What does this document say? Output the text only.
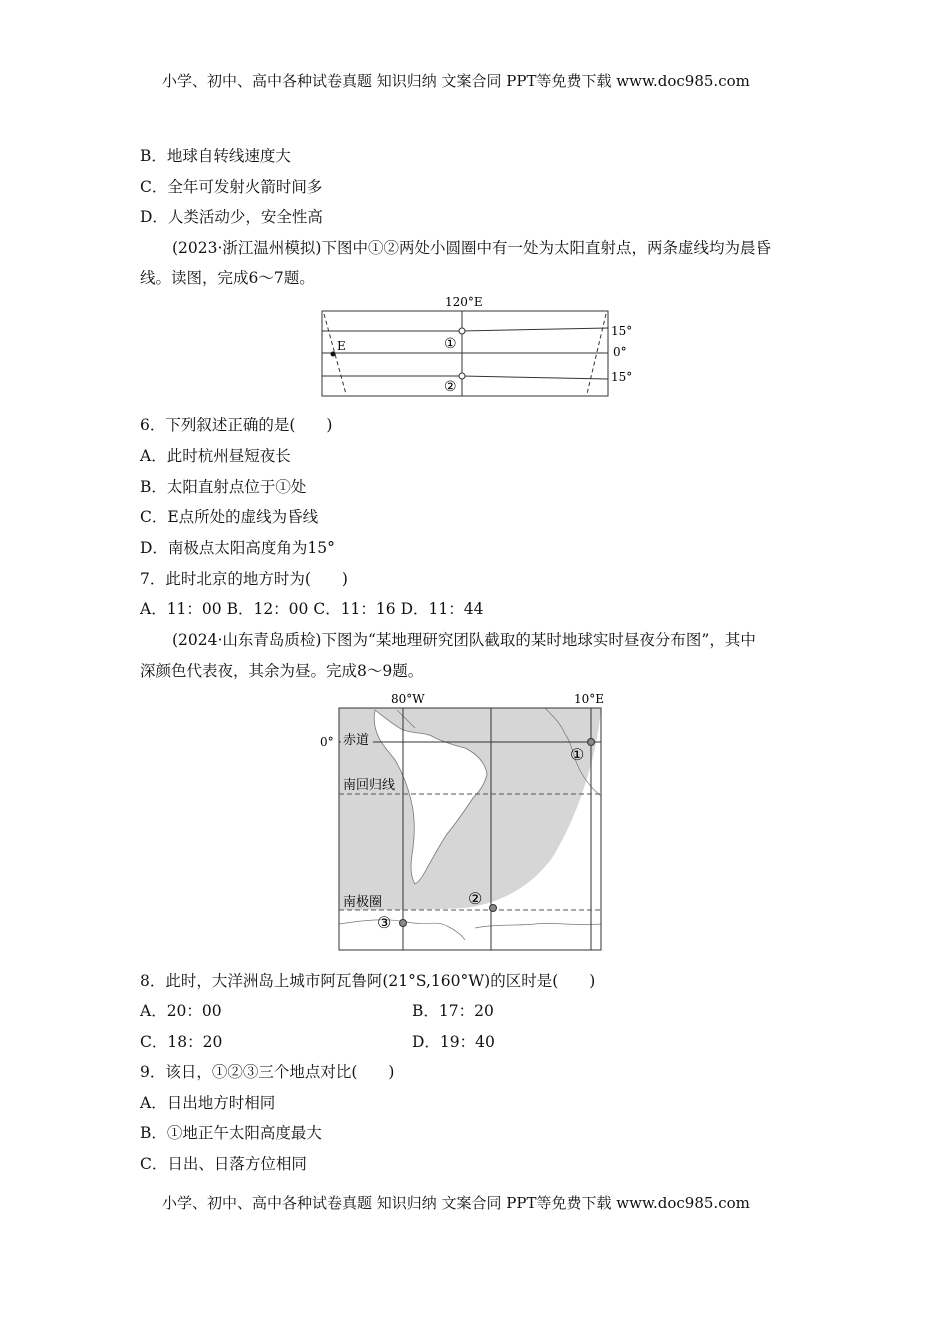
小学、初中、高中各种试卷真题 知识归纳 文案合同 PPT等免费下载 www.doc985.com
B．地球自转线速度大
C．全年可发射火箭时间多
D．人类活动少，安全性高
(2023·浙江温州模拟)下图中①②两处小圆圈中有一处为太阳直射点，两条虚线均为晨昏
线。读图，完成6～7题。
120°E
E	①
②
15°
0°
15°
6．下列叙述正确的是(　　)
A．此时杭州昼短夜长
B．太阳直射点位于①处
C．E点所处的虚线为昏线
D．南极点太阳高度角为15°
7．此时北京的地方时为(　　)
A．11：00 B．12：00 C．11：16 D．11：44
(2024·山东青岛质检)下图为“某地理研究团队截取的某时地球实时昼夜分布图”，其中
深颜色代表夜，其余为昼。完成8～9题。
80°W	10°E
0° 赤道
南回归线
南极圈
①
②
③
8．此时，大洋洲岛上城市阿瓦鲁阿(21°S,160°W)的区时是(　　)
A．20：00	B．17：20
C．18：20	D．19：40
9．该日，①②③三个地点对比(　　)
A．日出地方时相同
B．①地正午太阳高度最大
C．日出、日落方位相同
小学、初中、高中各种试卷真题 知识归纳 文案合同 PPT等免费下载 www.doc985.com
